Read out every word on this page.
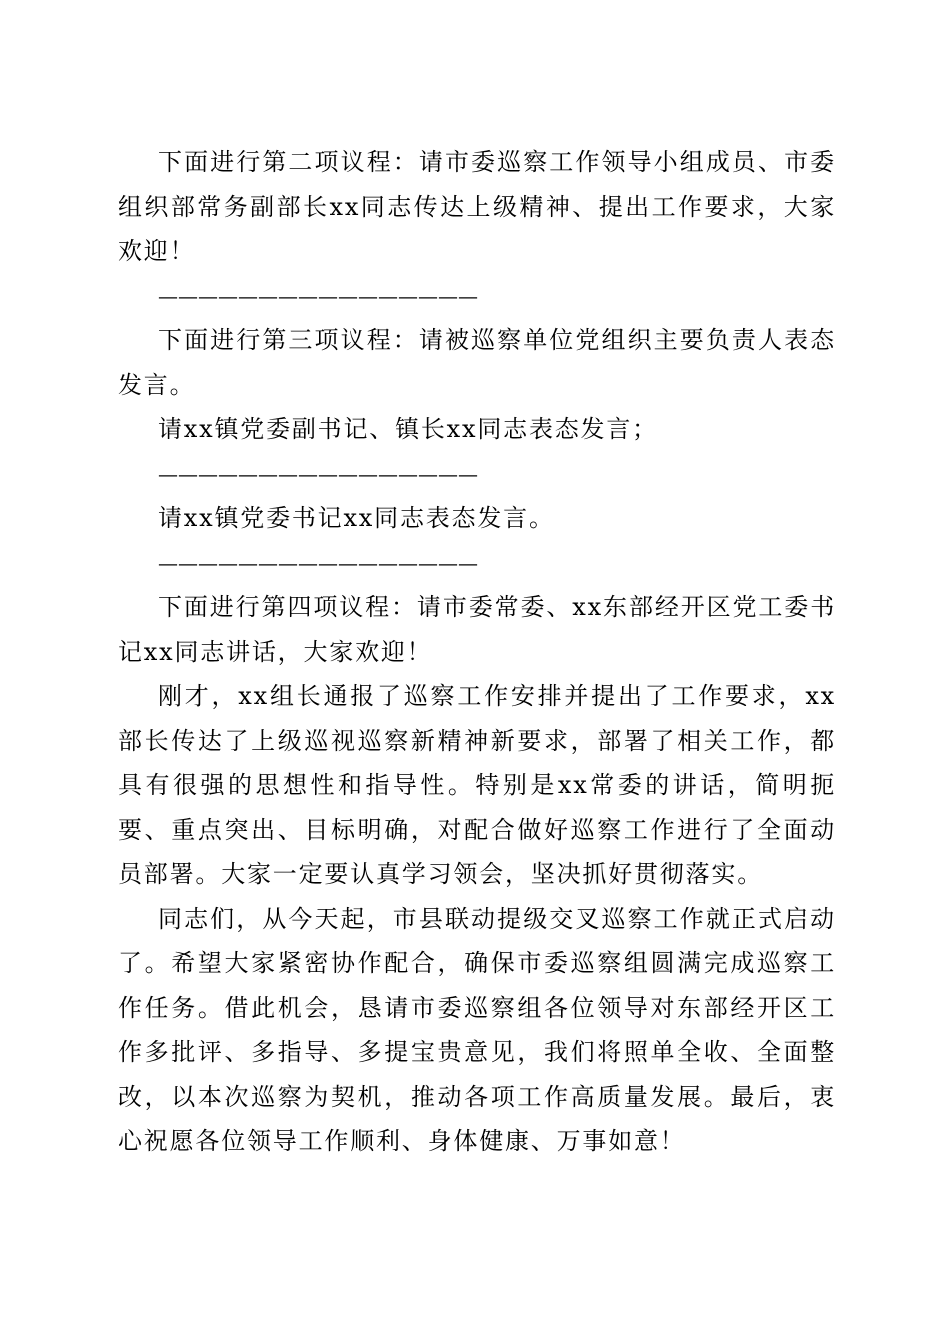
下面进行第二项议程：请市委巡察工作领导小组成员、市委组织部常务副部长xx同志传达上级精神、提出工作要求，大家欢迎！

————————————————

下面进行第三项议程：请被巡察单位党组织主要负责人表态发言。

请xx镇党委副书记、镇长xx同志表态发言；

————————————————

请xx镇党委书记xx同志表态发言。

————————————————

下面进行第四项议程：请市委常委、xx东部经开区党工委书记xx同志讲话，大家欢迎！

刚才，xx组长通报了巡察工作安排并提出了工作要求，xx部长传达了上级巡视巡察新精神新要求，部署了相关工作，都具有很强的思想性和指导性。特别是xx常委的讲话，简明扼要、重点突出、目标明确，对配合做好巡察工作进行了全面动员部署。大家一定要认真学习领会，坚决抓好贯彻落实。

同志们，从今天起，市县联动提级交叉巡察工作就正式启动了。希望大家紧密协作配合，确保市委巡察组圆满完成巡察工作任务。借此机会，恳请市委巡察组各位领导对东部经开区工作多批评、多指导、多提宝贵意见，我们将照单全收、全面整改，以本次巡察为契机，推动各项工作高质量发展。最后，衷心祝愿各位领导工作顺利、身体健康、万事如意！
